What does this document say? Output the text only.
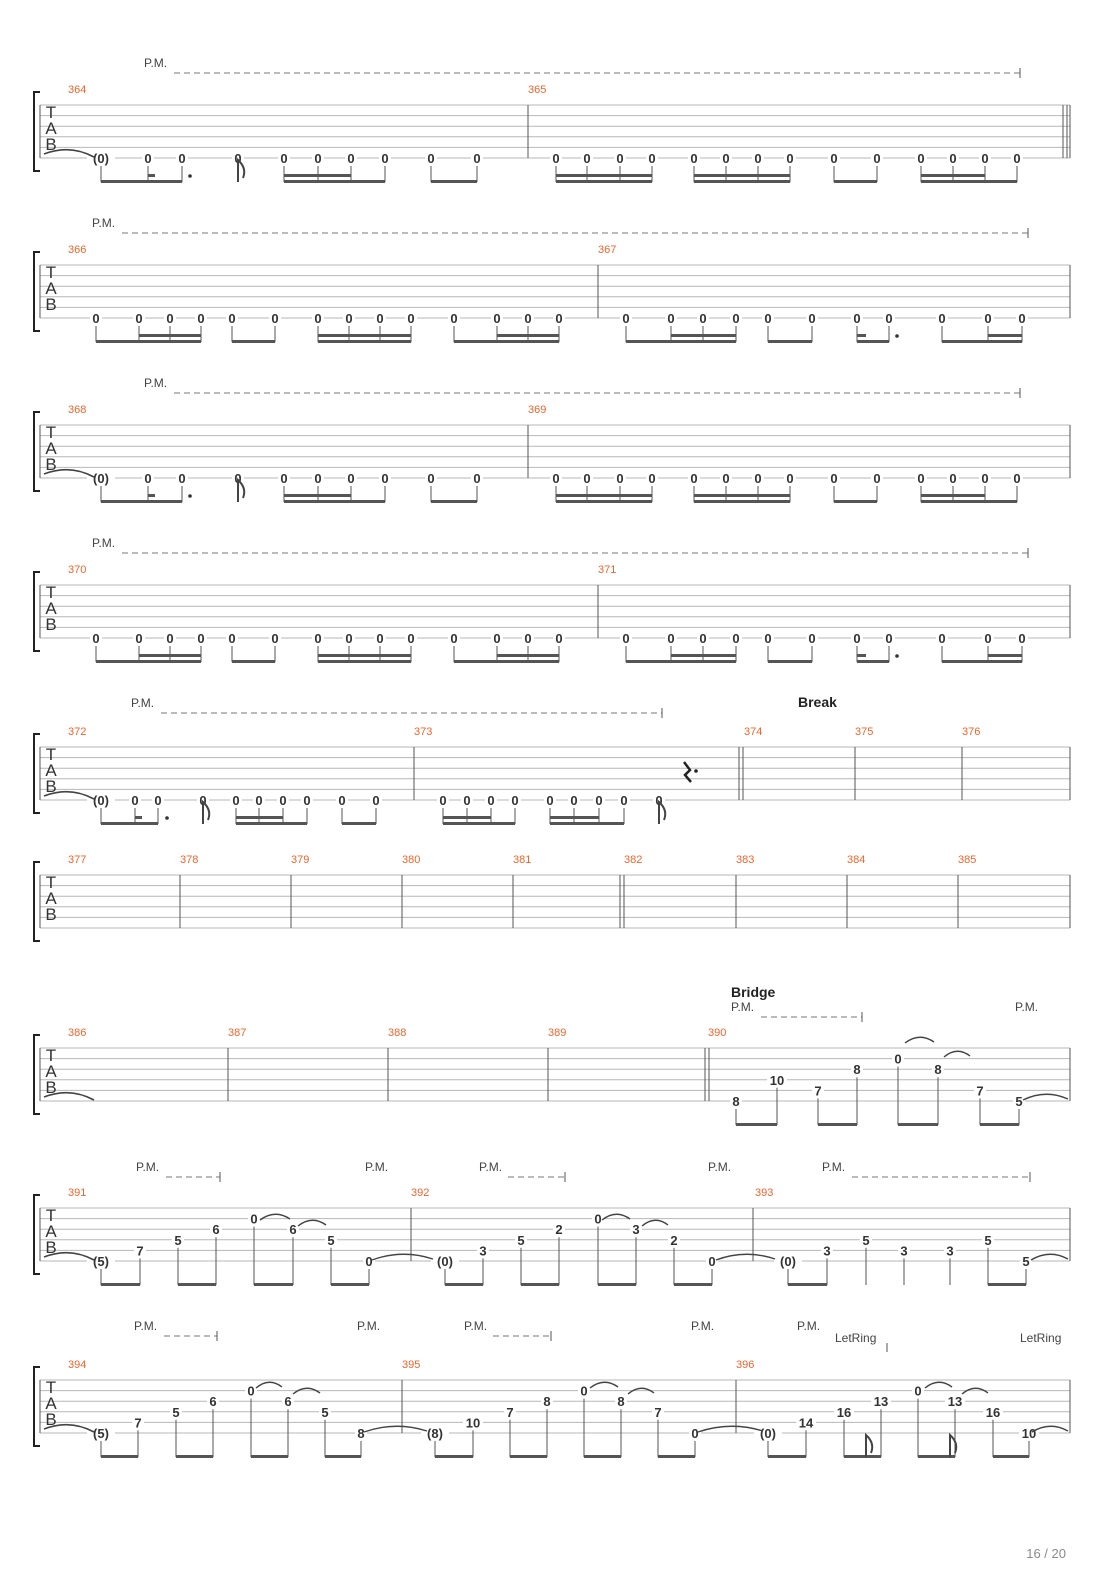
T
A
B
364	365
P.M.
(0)	0 0	0	0 0 0 0	0	0	0 0 0 0	0 0 0 0	0	0	0 0 0 0
T
A
B
366	367
P.M.
0	0 0 0 0	0	0 0 0 0	0	0 0 0	0	0 0 0 0	0	0 0	0	0 0
T
A
B
368	369
P.M.
(0)	0 0	0	0 0 0 0	0	0	0 0 0 0	0 0 0 0	0	0	0 0 0 0
T
A
B
370	371
P.M.
0	0 0 0 0	0	0 0 0 0	0	0 0 0	0	0 0 0 0	0	0 0	0	0 0
T
A
B
372	373	374	375	376
P.M.
(0) 0 0	0 0 0 0 0 0 0	0 0 0 0 0 0 0 0 0
T
A
B
377	378	379	380	381	382	383	384	385
T
A
B
386	387	388	389	390
P.M.	P.M.
8
10
7
8
0
8
7
5
T
A
B
391	392	393
P.M.	P.M.	P.M.	P.M.	P.M.
(5)
7
5
6
0
6
5
0	(0)
3
5
2
0
3
2
0	(0)
3
5
3	3
5
5
T
A
B
394	395	396
P.M.	P.M.	P.M.	P.M.	P.M.
(5)
7
5
6
0
6
5
8	(8)
10
7
8
0
8
7
0	(0)
14
16
13
0
13
16
10
Break
Bridge
LetRing	LetRing
16 / 20
